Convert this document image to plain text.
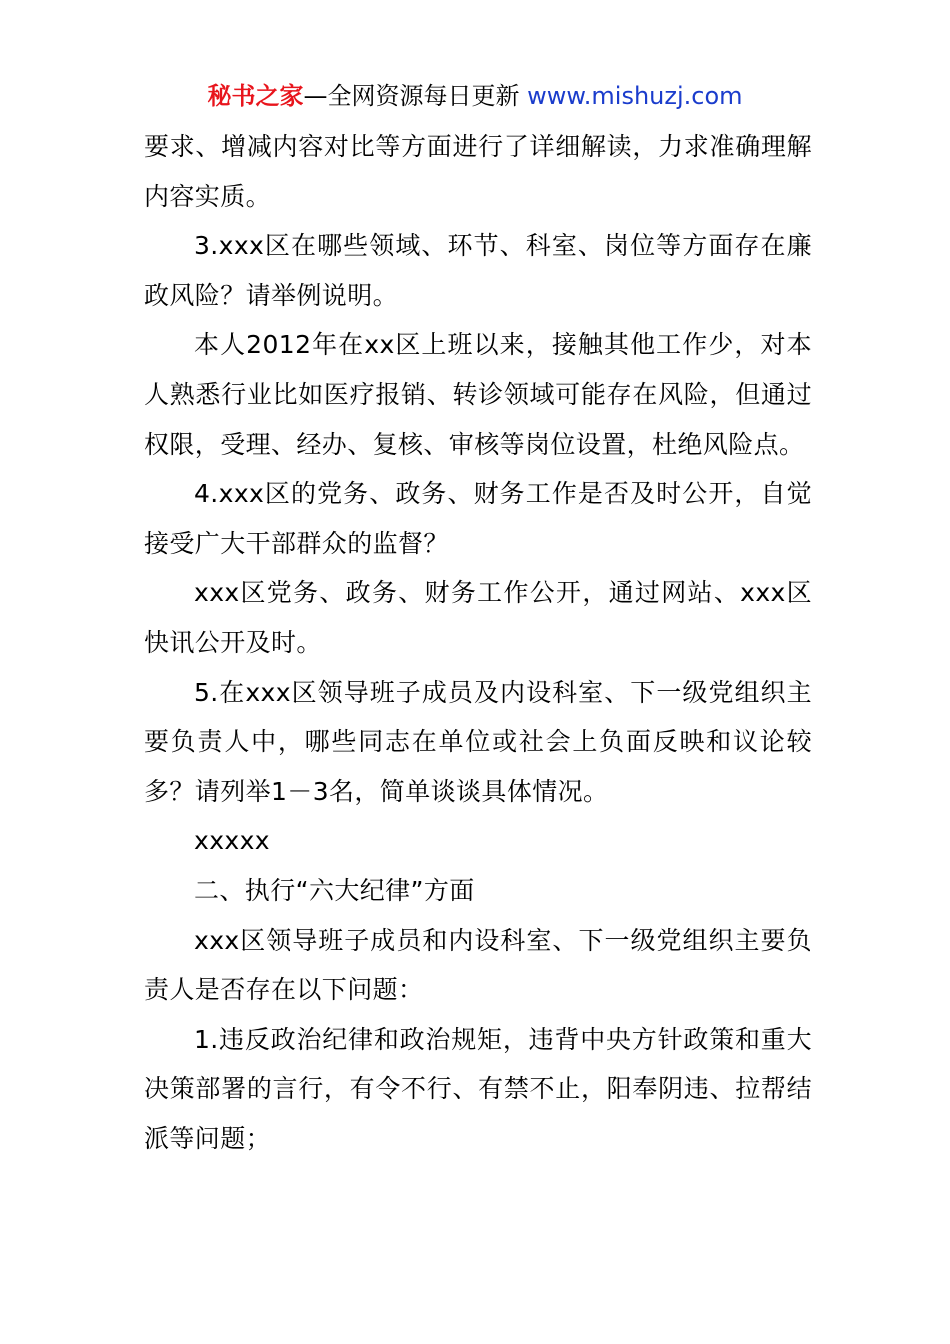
秘书之家—全网资源每日更新 www.mishuzj.com

要求、增减内容对比等方面进行了详细解读，力求准确理解内容实质。

3.xxx区在哪些领域、环节、科室、岗位等方面存在廉政风险？请举例说明。

本人2012年在xx区上班以来，接触其他工作少，对本人熟悉行业比如医疗报销、转诊领域可能存在风险，但通过权限，受理、经办、复核、审核等岗位设置，杜绝风险点。

4.xxx区的党务、政务、财务工作是否及时公开，自觉接受广大干部群众的监督？

xxx区党务、政务、财务工作公开，通过网站、xxx区快讯公开及时。

5.在xxx区领导班子成员及内设科室、下一级党组织主要负责人中，哪些同志在单位或社会上负面反映和议论较多？请列举1－3名，简单谈谈具体情况。

xxxxx

二、执行“六大纪律”方面

xxx区领导班子成员和内设科室、下一级党组织主要负责人是否存在以下问题：

1.违反政治纪律和政治规矩，违背中央方针政策和重大决策部署的言行，有令不行、有禁不止，阳奉阴违、拉帮结派等问题；
